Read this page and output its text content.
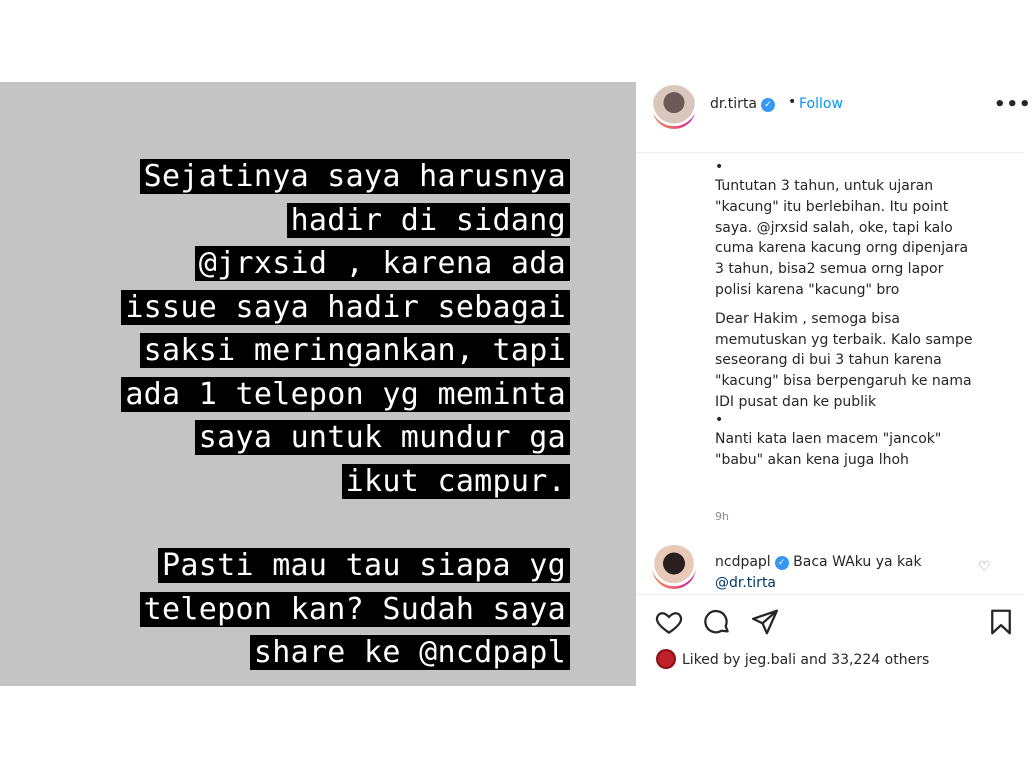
Sejatinya saya harusnya
hadir di sidang
@jrxsid , karena ada
issue saya hadir sebagai
saksi meringankan, tapi
ada 1 telepon yg meminta
saya untuk mundur ga
ikut campur.
Pasti mau tau siapa yg
telepon kan? Sudah saya
share ke @ncdpapl
dr.tirta ✓ • Follow	•••
•

Tuntutan 3 tahun, untuk ujaran
"kacung" itu berlebihan. Itu point
saya. @jrxsid salah, oke, tapi kalo
cuma karena kacung orng dipenjara
3 tahun, bisa2 semua orng lapor
polisi karena "kacung" bro

Dear Hakim , semoga bisa
memutuskan yg terbaik. Kalo sampe
seseorang di bui 3 tahun karena
"kacung" bisa berpengaruh ke nama
IDI pusat dan ke publik

•

Nanti kata laen macem "jancok"
"babu" akan kena juga lhoh

9h
ncdpapl ✓ Baca WAku ya kak
@dr.tirta
♡
Liked by jeg.bali and 33,224 others
